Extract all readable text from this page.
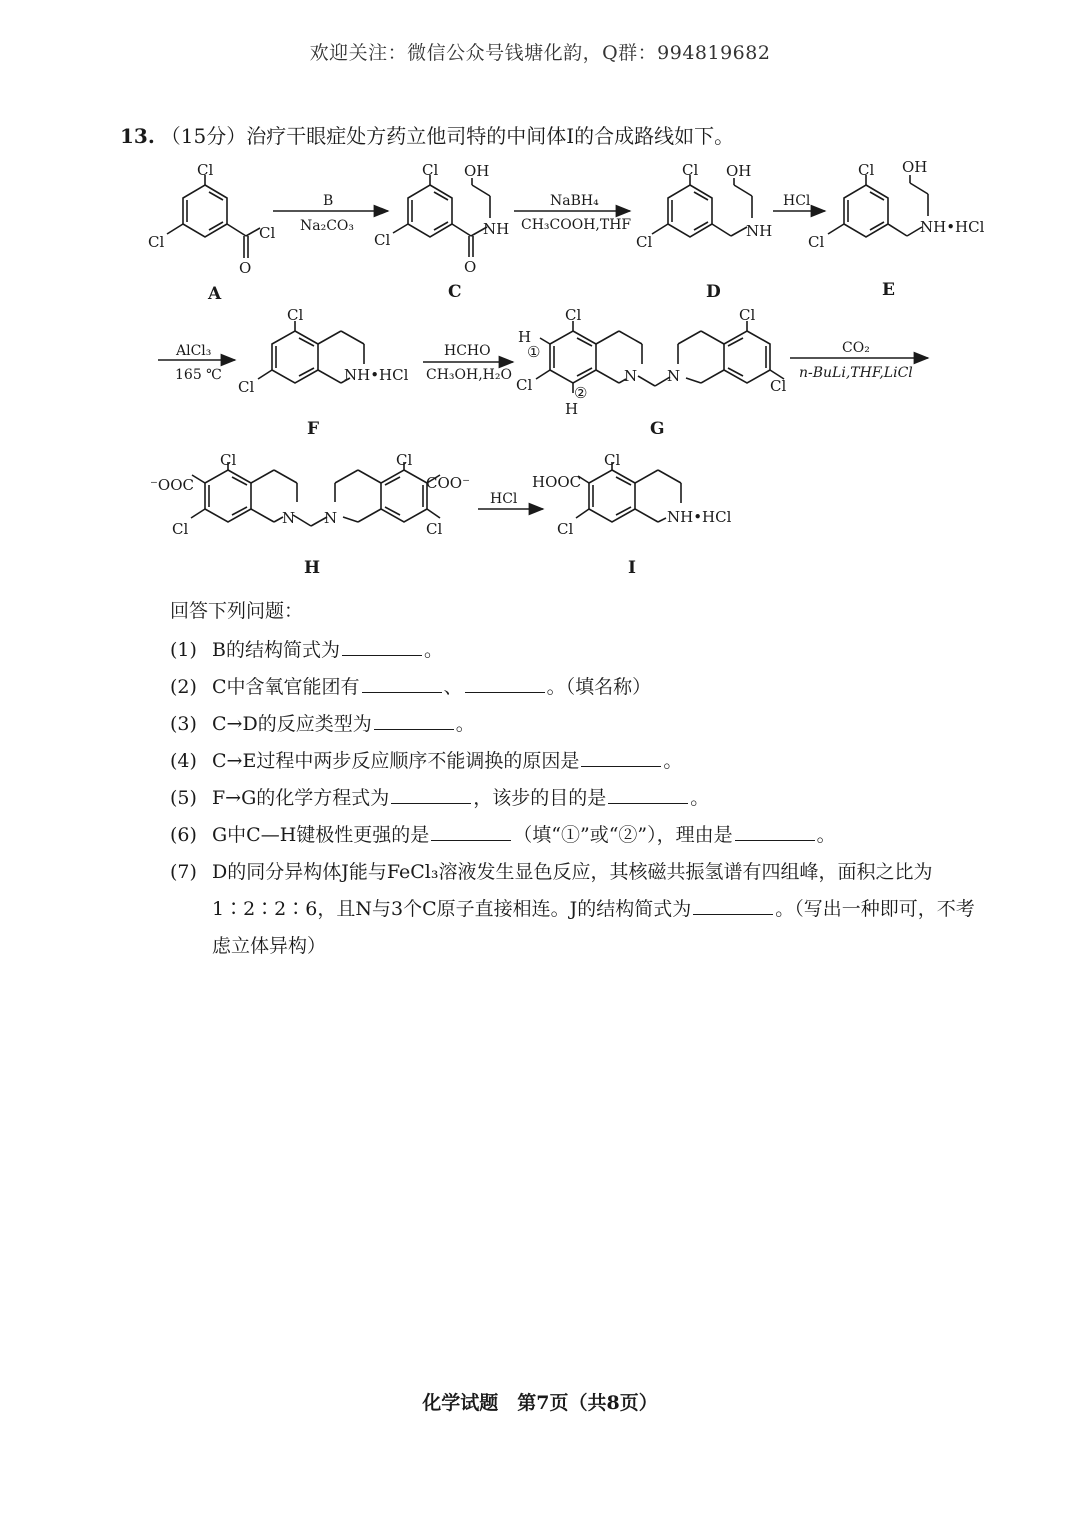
欢迎关注：微信公众号钱塘化韵，Q群：994819682
13. （15分）治疗干眼症处方药立他司特的中间体Ⅰ的合成路线如下。
Cl
Cl	Cl
O
A
B
Na₂CO₃
Cl
Cl
O
NH
OH
C
NaBH₄
CH₃COOH,THF
Cl
Cl
NH
OH
D
HCl
Cl
Cl
NH•HCl
OH
E
AlCl₃
165 ℃
Cl
Cl
NH•HCl
F
HCHO
CH₃OH,H₂O
Cl
Cl
H
①
②
H
N N
Cl
Cl
G
CO₂
n-BuLi,THF,LiCl
Cl
⁻OOC
Cl
N N
Cl
COO⁻
Cl
H
HCl
Cl
HOOC
Cl
NH•HCl
I
回答下列问题：
(1) B的结构简式为	。
(2) C中含氧官能团有	、	。（填名称）
(3) C→D的反应类型为	。
(4) C→E过程中两步反应顺序不能调换的原因是	。
(5) F→G的化学方程式为	，该步的目的是	。
(6) G中C—H键极性更强的是	（填“①”或“②”），理由是	。
(7) D的同分异构体J能与FeCl₃溶液发生显色反应，其核磁共振氢谱有四组峰，面积之比为1∶2∶2∶6，且N与3个C原子直接相连。J的结构简式为	。（写出一种即可，不考虑立体异构）
化学试题　第7页（共8页）
